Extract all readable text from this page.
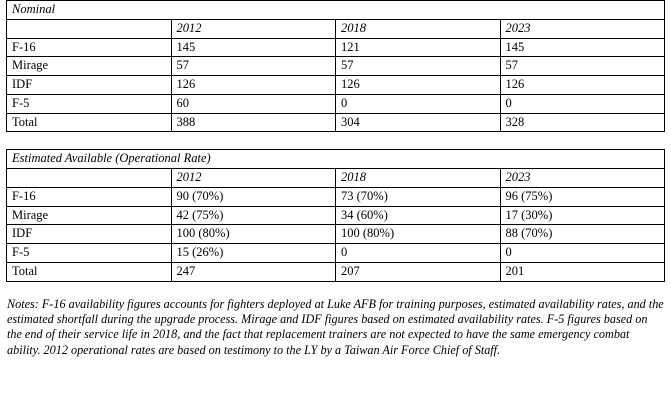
Nominal			
	2012	2018	2023
F-16	145	121	145
Mirage	57	57	57
IDF	126	126	126
F-5	60	0	0
Total	388	304	328
Estimated Available (Operational Rate)			
	2012	2018	2023
F-16	90 (70%)	73 (70%)	96 (75%)
Mirage	42 (75%)	34 (60%)	17 (30%)
IDF	100 (80%)	100 (80%)	88 (70%)
F-5	15 (26%)	0	0
Total	247	207	201
Notes: F-16 availability figures accounts for fighters deployed at Luke AFB for training purposes, estimated availability rates, and the estimated shortfall during the upgrade process. Mirage and IDF figures based on estimated availability rates. F-5 figures based on the end of their service life in 2018, and the fact that replacement trainers are not expected to have the same emergency combat ability. 2012 operational rates are based on testimony to the LY by a Taiwan Air Force Chief of Staff.
